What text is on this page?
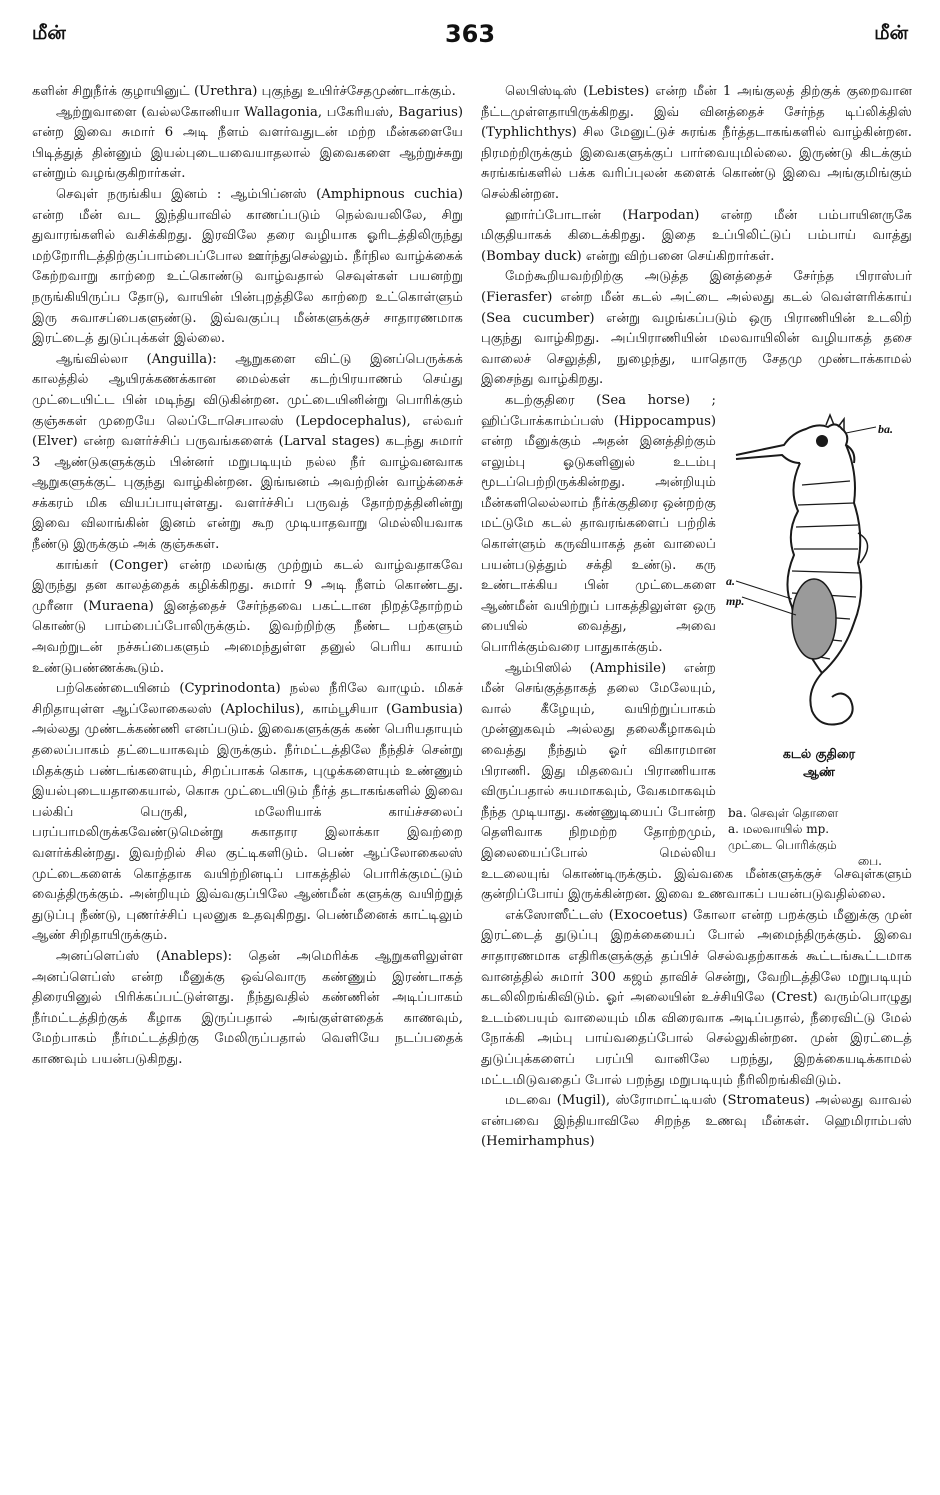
363
மீன்	மீன்

களின் சிறுநீர்க் குழாயினுட் (Urethra) புகுந்து உயிர்ச்சேதமுண்டாக்கும்.

ஆற்றுவாளை (வல்லகோனியா Wallagonia, பகேரியஸ், Bagarius) என்ற இவை சுமார் 6 அடி நீளம் வளர்வதுடன் மற்ற மீன்களையே பிடித்துத் தின்னும் இயல்புடையவையாதலால் இவைகளை ஆற்றுச்சுறு என்றும் வழங்குகிறார்கள்.

செவுள் நருங்கிய இனம் : ஆம்பிப்னஸ் (Amphipnous cuchia) என்ற மீன் வட இந்தியாவில் காணப்படும் நெல்வயலிலே, சிறு துவாரங்களில் வசிக்கிறது. இரவிலே தரை வழியாக ஓரிடத்திலிருந்து மற்றோரிடத்திற்குப்பாம்பைப்போல ஊர்ந்துசெல்லும். நீர்நில வாழ்க்கைக் கேற்றவாறு காற்றை உட்கொண்டு வாழ்வதால் செவுள்கள் பயனற்று நருங்கியிருப்ப தோடு, வாயின் பின்புறத்திலே காற்றை உட்கொள்ளும் இரு சுவாசப்பைகளுண்டு. இவ்வகுப்பு மீன்களுக்குச் சாதாரணமாக இரட்டைத் துடுப்புக்கள் இல்லை.

ஆங்வில்லா (Anguilla): ஆறுகளை விட்டு இனப்பெருக்கக் காலத்தில் ஆயிரக்கணக்கான மைல்கள் கடற்பிரயாணம் செய்து முட்டையிட்ட பின் மடிந்து விடுகின்றன. முட்டையினின்று பொரிக்கும் குஞ்சுகள் முறையே லெப்டோசெபாலஸ் (Lepdocephalus), எல்வர் (Elver) என்ற வளர்ச்சிப் பருவங்களைக் (Larval stages) கடந்து சுமார் 3 ஆண்டுகளுக்கும் பின்னர் மறுபடியும் நல்ல நீர் வாழ்வனவாக ஆறுகளுக்குட் புகுந்து வாழ்கின்றன. இங்ஙனம் அவற்றின் வாழ்க்கைச் சக்கரம் மிக வியப்பாயுள்ளது. வளர்ச்சிப் பருவத் தோற்றத்தினின்று இவை விலாங்கின் இனம் என்று கூற முடியாதவாறு மெல்லியவாக நீண்டு இருக்கும் அக் குஞ்சுகள்.

காங்கர் (Conger) என்ற மலங்கு முற்றும் கடல் வாழ்வதாகவே இருந்து தன காலத்தைக் கழிக்கிறது. சுமார் 9 அடி நீளம் கொண்டது. முரீனா (Muraena) இனத்தைச் சேர்ந்தவை பகட்டான நிறத்தோற்றம் கொண்டு பாம்பைப்போலிருக்கும். இவற்றிற்கு நீண்ட பற்களும் அவற்றுடன் நச்சுப்பைகளும் அமைந்துள்ள தனுல் பெரிய காயம் உண்டுபண்ணக்கூடும்.

பற்கெண்டையினம் (Cyprinodonta) நல்ல நீரிலே வாழும். மிகச் சிறிதாயுள்ள ஆப்லோகைலஸ் (Aplochilus), காம்பூசியா (Gambusia) அல்லது முண்டக்கண்ணி எனப்படும். இவைகளுக்குக் கண் பெரியதாயும் தலைப்பாகம் தட்டையாகவும் இருக்கும். நீர்மட்டத்திலே நீந்திச் சென்று மிதக்கும் பண்டங்களையும், சிறப்பாகக் கொசு, புழுக்களையும் உண்ணும் இயல்புடையதாகையால், கொசு முட்டையிடும் நீர்த் தடாகங்களில் இவை பல்கிப் பெருகி, மலேரியாக் காய்ச்சலைப் பரப்பாமலிருக்கவேண்டுமென்று சுகாதார இலாக்கா இவற்றை வளர்க்கின்றது. இவற்றில் சில குட்டிகளிடும். பெண் ஆப்லோகைலஸ் முட்டைகளைக் கொத்தாக வயிற்றினடிப் பாகத்தில் பொரிக்குமட்டும் வைத்திருக்கும். அன்றியும் இவ்வகுப்பிலே ஆண்மீன் களுக்கு வயிற்றுத் துடுப்பு நீண்டு, புணர்ச்சிப் புலனுக உதவுகிறது. பெண்மீனைக் காட்டிலும் ஆண் சிறிதாயிருக்கும்.

அனப்ளெப்ஸ் (Anableps): தென் அமெரிக்க ஆறுகளிலுள்ள அனப்ளெப்ஸ் என்ற மீனுக்கு ஒவ்வொரு கண்ணும் இரண்டாகத் திரையினுல் பிரிக்கப்பட்டுள்ளது. நீந்துவதில் கண்ணின் அடிப்பாகம் நீர்மட்டத்திற்குக் கீழாக இருப்பதால் அங்குள்ளதைக் காணவும், மேற்பாகம் நீர்மட்டத்திற்கு மேலிருப்பதால் வெளியே நடப்பதைக் காணவும் பயன்படுகிறது.

லெபிஸ்டிஸ் (Lebistes) என்ற மீன் 1 அங்குலத் திற்குக் குறைவான நீட்டமுள்ளதாயிருக்கிறது. இவ் வினத்தைச் சேர்ந்த டிப்லிக்திஸ் (Typhlichthys) சில மேனுட்டுச் சுரங்க நீர்த்தடாகங்களில் வாழ்கின்றன. நிரமற்றிருக்கும் இவைகளுக்குப் பார்வையுமில்லை. இருண்டு கிடக்கும் சுரங்கங்களில் பக்க வரிப்புலன் களைக் கொண்டு இவை அங்குமிங்கும் செல்கின்றன.

ஹார்ப்போடான் (Harpodan) என்ற மீன் பம்பாயினருகே மிகுதியாகக் கிடைக்கிறது. இதை உப்பிலிட்டுப் பம்பாய் வாத்து (Bombay duck) என்று விற்பனை செய்கிறார்கள்.

மேற்கூறியவற்றிற்கு அடுத்த இனத்தைச் சேர்ந்த பிராஸ்பர் (Fierasfer) என்ற மீன் கடல் அட்டை அல்லது கடல் வெள்ளரிக்காய் (Sea cucumber) என்று வழங்கப்படும் ஒரு பிராணியின் உடலிற் புகுந்து வாழ்கிறது. அப்பிராணியின் மலவாயிலின் வழியாகத் தசை வாலைச் செலுத்தி, நுழைந்து, யாதொரு சேதமு முண்டாக்காமல் இசைந்து வாழ்கிறது.

ba.
a.
mp.
கடல் குதிரை
ஆண்
ba. செவுள் தொளை
a. மலவாயில் mp.
முட்டை பொரிக்கும்
பை.

கடற்குதிரை (Sea horse) ; ஹிப்போக்காம்ப்பஸ் (Hippocampus) என்ற மீனுக்கும் அதன் இனத்திற்கும் எலும்பு ஓடுகளினுல் உடம்பு மூடப்பெற்றிருக்கின்றது. அன்றியும் மீன்களிலெல்லாம் நீர்க்குதிரை ஒன்றற்கு மட்டுமே கடல் தாவரங்களைப் பற்றிக் கொள்ளும் கருவியாகத் தன் வாலைப் பயன்படுத்தும் சக்தி உண்டு. கரு உண்டாக்கிய பின் முட்டைகளை ஆண்மீன் வயிற்றுப் பாகத்திலுள்ள ஒரு பையில் வைத்து, அவை பொரிக்கும்வரை பாதுகாக்கும்.

ஆம்பிஸில் (Amphisile) என்ற மீன் செங்குத்தாகத் தலை மேலேயும், வால் கீழேயும், வயிற்றுப்பாகம் முன்னுகவும் அல்லது தலைகீழாகவும் வைத்து நீந்தும் ஓர் விகாரமான பிராணி. இது மிதவைப் பிராணியாக விருப்பதால் சுயமாகவும், வேகமாகவும் நீந்த முடியாது. கண்ணுடியைப் போன்ற தெளிவாக நிறமற்ற தோற்றமும், இலையைப்போல் மெல்லிய உடலையுங் கொண்டிருக்கும். இவ்வகை மீன்களுக்குச் செவுள்களும் குன்றிப்போய் இருக்கின்றன. இவை உணவாகப் பயன்படுவதில்லை.

எக்ஸோஸீட்டஸ் (Exocoetus) கோலா என்ற பறக்கும் மீனுக்கு முன் இரட்டைத் துடுப்பு இறக்கையைப் போல் அமைந்திருக்கும். இவை சாதாரணமாக எதிரிகளுக்குத் தப்பிச் செல்வதற்காகக் கூட்டங்கூட்டமாக வானத்தில் சுமார் 300 கஜம் தாவிச் சென்று, வேறிடத்திலே மறுபடியும் கடலிலிறங்கிவிடும். ஓர் அலையின் உச்சியிலே (Crest) வரும்பொழுது உடம்பையும் வாலையும் மிக விரைவாக அடிப்பதால், நீரைவிட்டு மேல் நோக்கி அம்பு பாய்வதைப்போல் செல்லுகின்றன. முன் இரட்டைத் துடுப்புக்களைப் பரப்பி வானிலே பறந்து, இறக்கையடிக்காமல் மட்டமிடுவதைப் போல் பறந்து மறுபடியும் நீரிலிறங்கிவிடும்.

மடவை (Mugil), ஸ்ரோமாட்டியஸ் (Stromateus) அல்லது வாவல் என்பவை இந்தியாவிலே சிறந்த உணவு மீன்கள். ஹெமிராம்பஸ் (Hemirhamphus)
